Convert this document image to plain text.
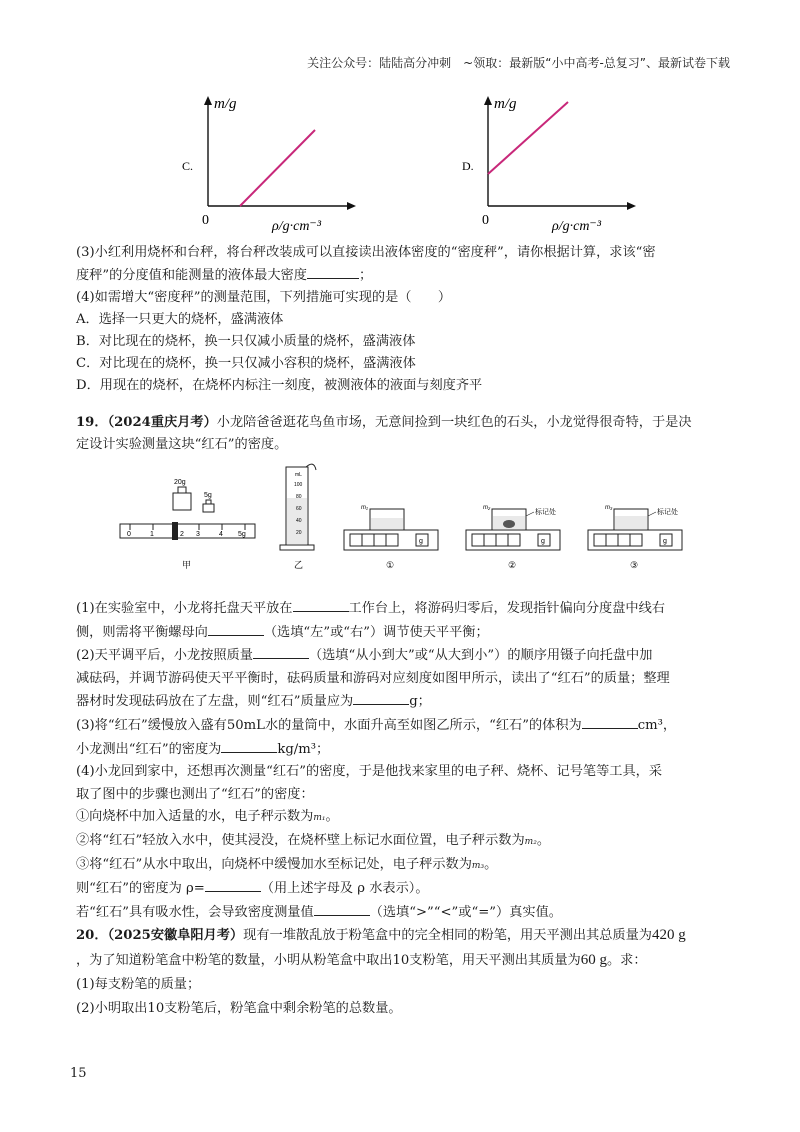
关注公众号：陆陆高分冲刺　~领取：最新版“小中高考-总复习”、最新试卷下载
C.
m/g
0	ρ/g·cm⁻³
D.
m/g
0	ρ/g·cm⁻³

(3)小红利用烧杯和台秤，将台秤改装成可以直接读出液体密度的“密度秤”，请你根据计算，求该“密

度秤”的分度值和能测量的液体最大密度	；

(4)如需增大“密度秤”的测量范围，下列措施可实现的是（　　）

A．选择一只更大的烧杯，盛满液体

B．对比现在的烧杯，换一只仅减小质量的烧杯，盛满液体

C．对比现在的烧杯，换一只仅减小容积的烧杯，盛满液体

D．用现在的烧杯，在烧杯内标注一刻度，被测液体的液面与刻度齐平

19．（2024重庆月考）小龙陪爸爸逛花鸟鱼市场，无意间捡到一块红色的石头，小龙觉得很奇特，于是决

定设计实验测量这块“红石”的密度。

20g
5g
0	1	2 3	4 5g
甲
mL
100
80
60
40
20
乙
g
m₁
①
g
m₂
标记处
②
g
m₃
标记处
③

(1)在实验室中，小龙将托盘天平放在	工作台上，将游码归零后，发现指针偏向分度盘中线右

侧，则需将平衡螺母向	（选填“左”或“右”）调节使天平平衡；

(2)天平调平后，小龙按照质量	（选填“从小到大”或“从大到小”）的顺序用镊子向托盘中加

减砝码，并调节游码使天平平衡时，砝码质量和游码对应刻度如图甲所示，读出了“红石”的质量；整理

器材时发现砝码放在了左盘，则“红石”质量应为	g；

(3)将“红石”缓慢放入盛有50mL水的量筒中，水面升高至如图乙所示，“红石”的体积为	cm³，

小龙测出“红石”的密度为	kg/m³；

(4)小龙回到家中，还想再次测量“红石”的密度，于是他找来家里的电子秤、烧杯、记号笔等工具，采

取了图中的步骤也测出了“红石”的密度：

①向烧杯中加入适量的水，电子秤示数为m₁。

②将“红石”轻放入水中，使其浸没，在烧杯壁上标记水面位置，电子秤示数为m₂。

③将“红石”从水中取出，向烧杯中缓慢加水至标记处，电子秤示数为m₃。

则“红石”的密度为 ρ=	（用上述字母及 ρ 水表示）。

若“红石”具有吸水性，会导致密度测量值	（选填“>”“<”或“=”）真实值。

20．（2025安徽阜阳月考）现有一堆散乱放于粉笔盒中的完全相同的粉笔，用天平测出其总质量为420 g

，为了知道粉笔盒中粉笔的数量，小明从粉笔盒中取出10支粉笔，用天平测出其质量为60 g。求：

(1)每支粉笔的质量；

(2)小明取出10支粉笔后，粉笔盒中剩余粉笔的总数量。

15
